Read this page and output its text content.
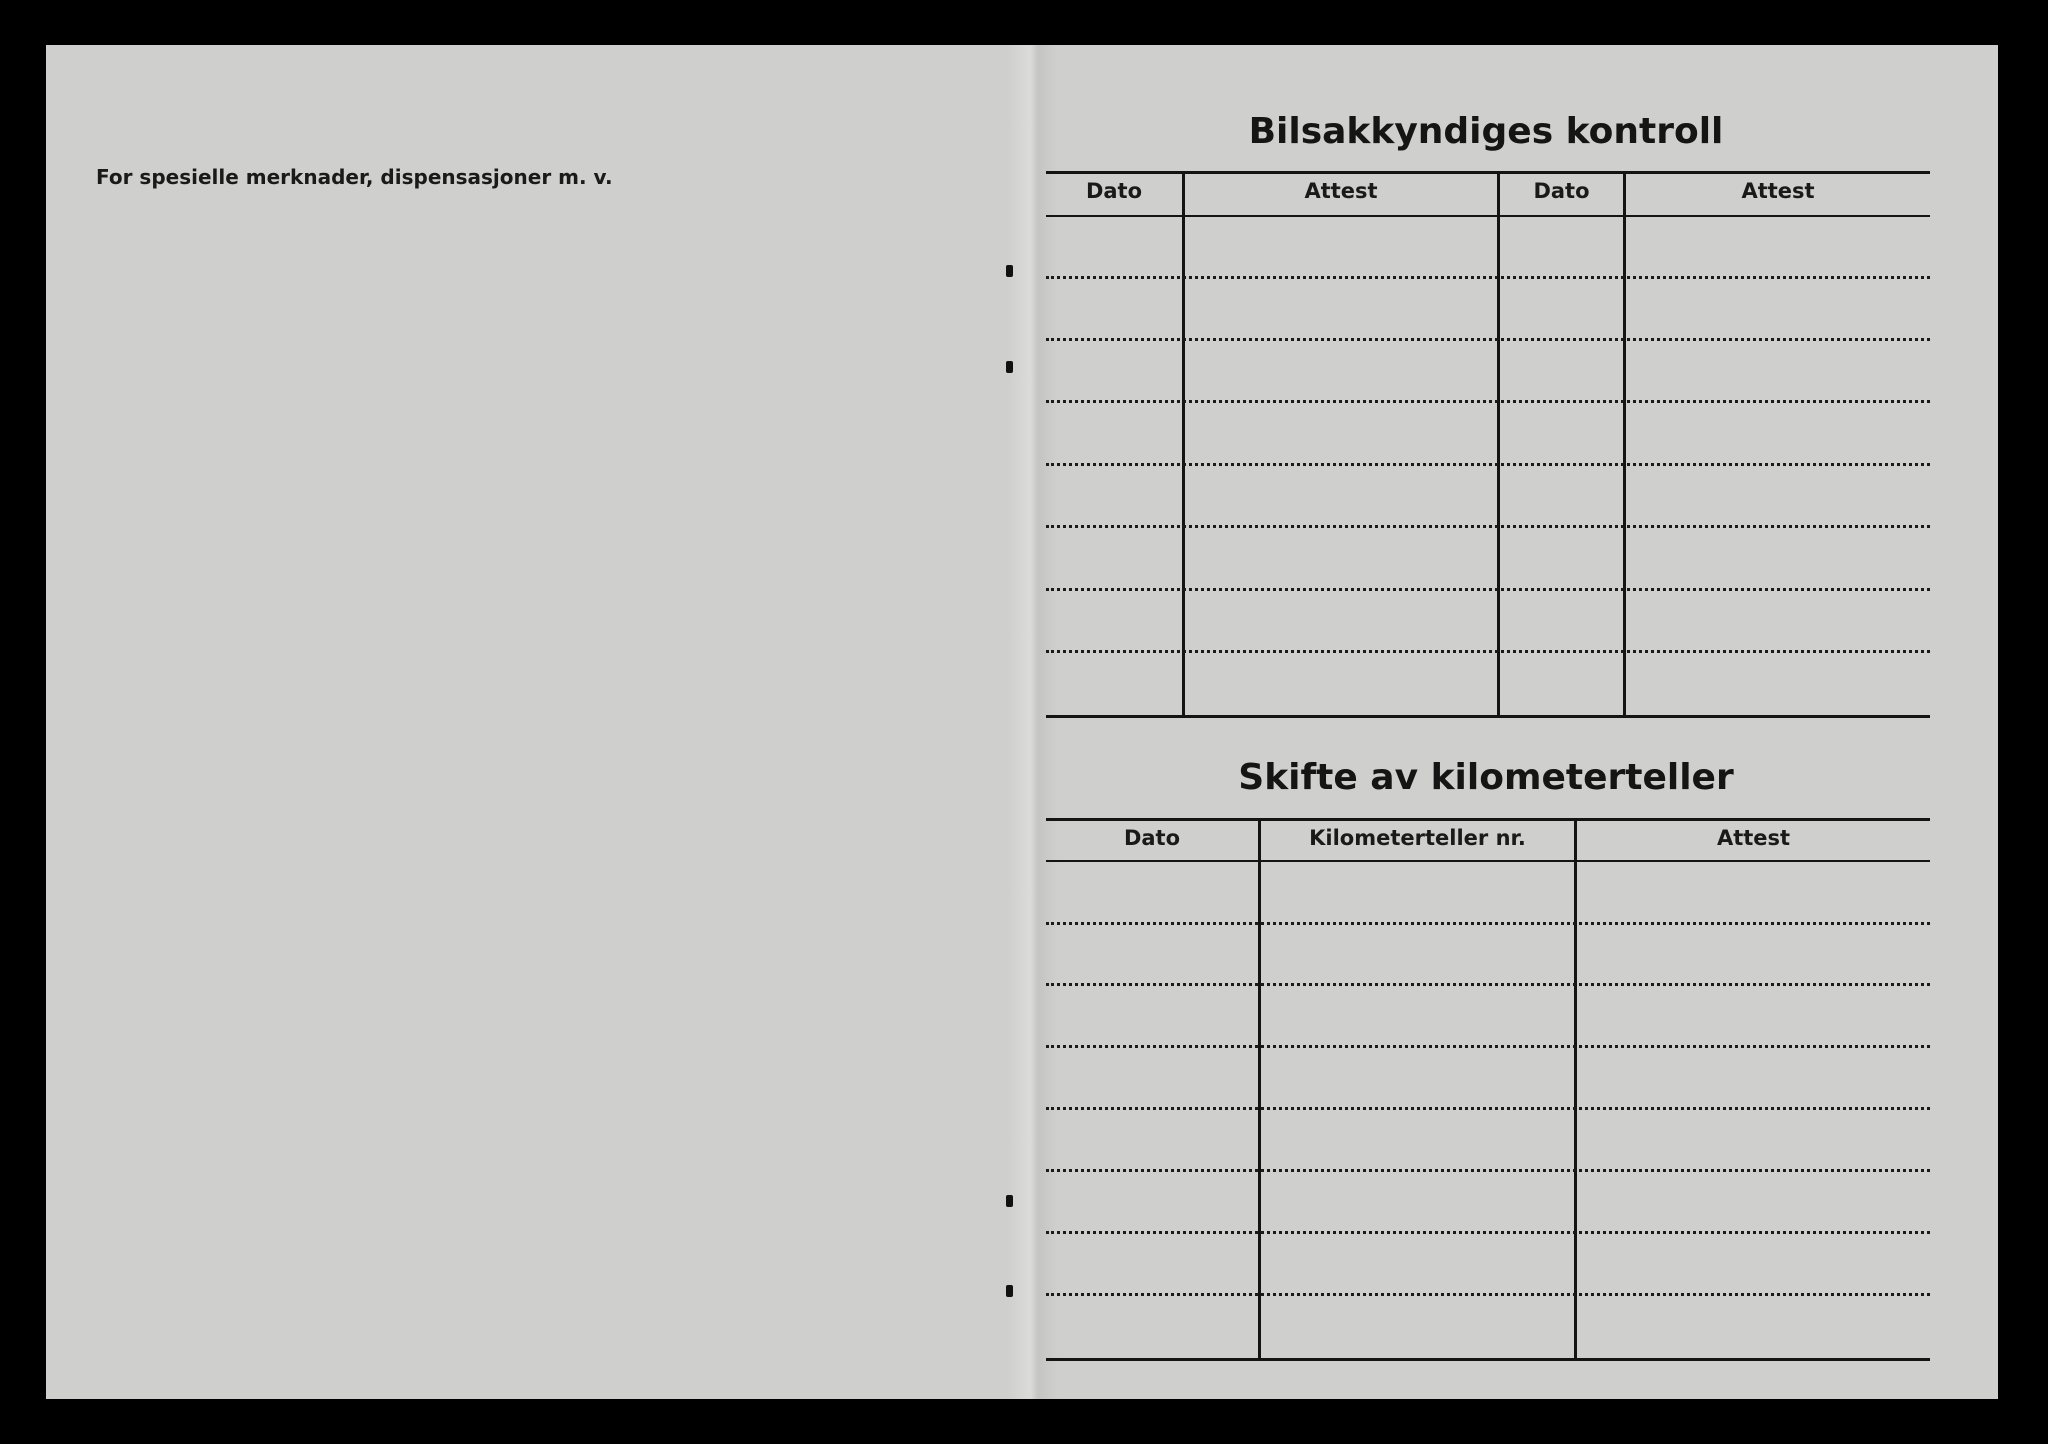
For spesielle merknader, dispensasjoner m. v.
Bilsakkyndiges kontroll
Dato	Attest	Dato	Attest
Skifte av kilometerteller
Dato	Kilometerteller nr.	Attest
